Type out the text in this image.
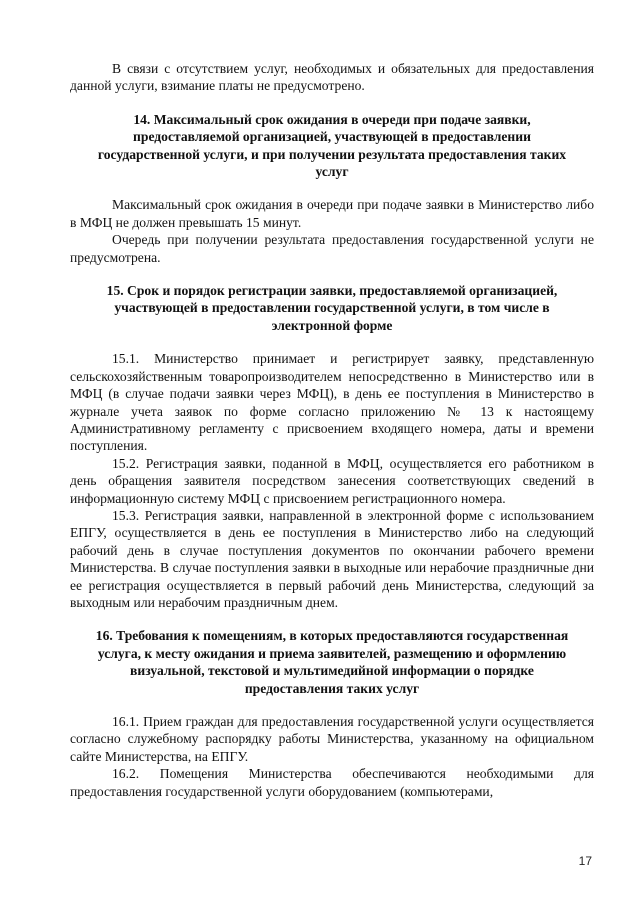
В связи с отсутствием услуг, необходимых и обязательных для предоставления данной услуги, взимание платы не предусмотрено.

14. Максимальный срок ожидания в очереди при подаче заявки, предоставляемой организацией, участвующей в предоставлении государственной услуги, и при получении результата предоставления таких услуг

Максимальный срок ожидания в очереди при подаче заявки в Министерство либо в МФЦ не должен превышать 15 минут.

Очередь при получении результата предоставления государственной услуги не предусмотрена.

15. Срок и порядок регистрации заявки, предоставляемой организацией, участвующей в предоставлении государственной услуги, в том числе в электронной форме

15.1. Министерство принимает и регистрирует заявку, представленную сельскохозяйственным товаропроизводителем непосредственно в Министерство или в МФЦ (в случае подачи заявки через МФЦ), в день ее поступления в Министерство в журнале учета заявок по форме согласно приложению № 13 к настоящему Административному регламенту с присвоением входящего номера, даты и времени поступления.

15.2. Регистрация заявки, поданной в МФЦ, осуществляется его работником в день обращения заявителя посредством занесения соответствующих сведений в информационную систему МФЦ с присвоением регистрационного номера.

15.3. Регистрация заявки, направленной в электронной форме с использованием ЕПГУ, осуществляется в день ее поступления в Министерство либо на следующий рабочий день в случае поступления документов по окончании рабочего времени Министерства. В случае поступления заявки в выходные или нерабочие праздничные дни ее регистрация осуществляется в первый рабочий день Министерства, следующий за выходным или нерабочим праздничным днем.

16. Требования к помещениям, в которых предоставляются государственная услуга, к месту ожидания и приема заявителей, размещению и оформлению визуальной, текстовой и мультимедийной информации о порядке предоставления таких услуг

16.1. Прием граждан для предоставления государственной услуги осуществляется согласно служебному распорядку работы Министерства, указанному на официальном сайте Министерства, на ЕПГУ.

16.2. Помещения Министерства обеспечиваются необходимыми для предоставления государственной услуги оборудованием (компьютерами,

17
